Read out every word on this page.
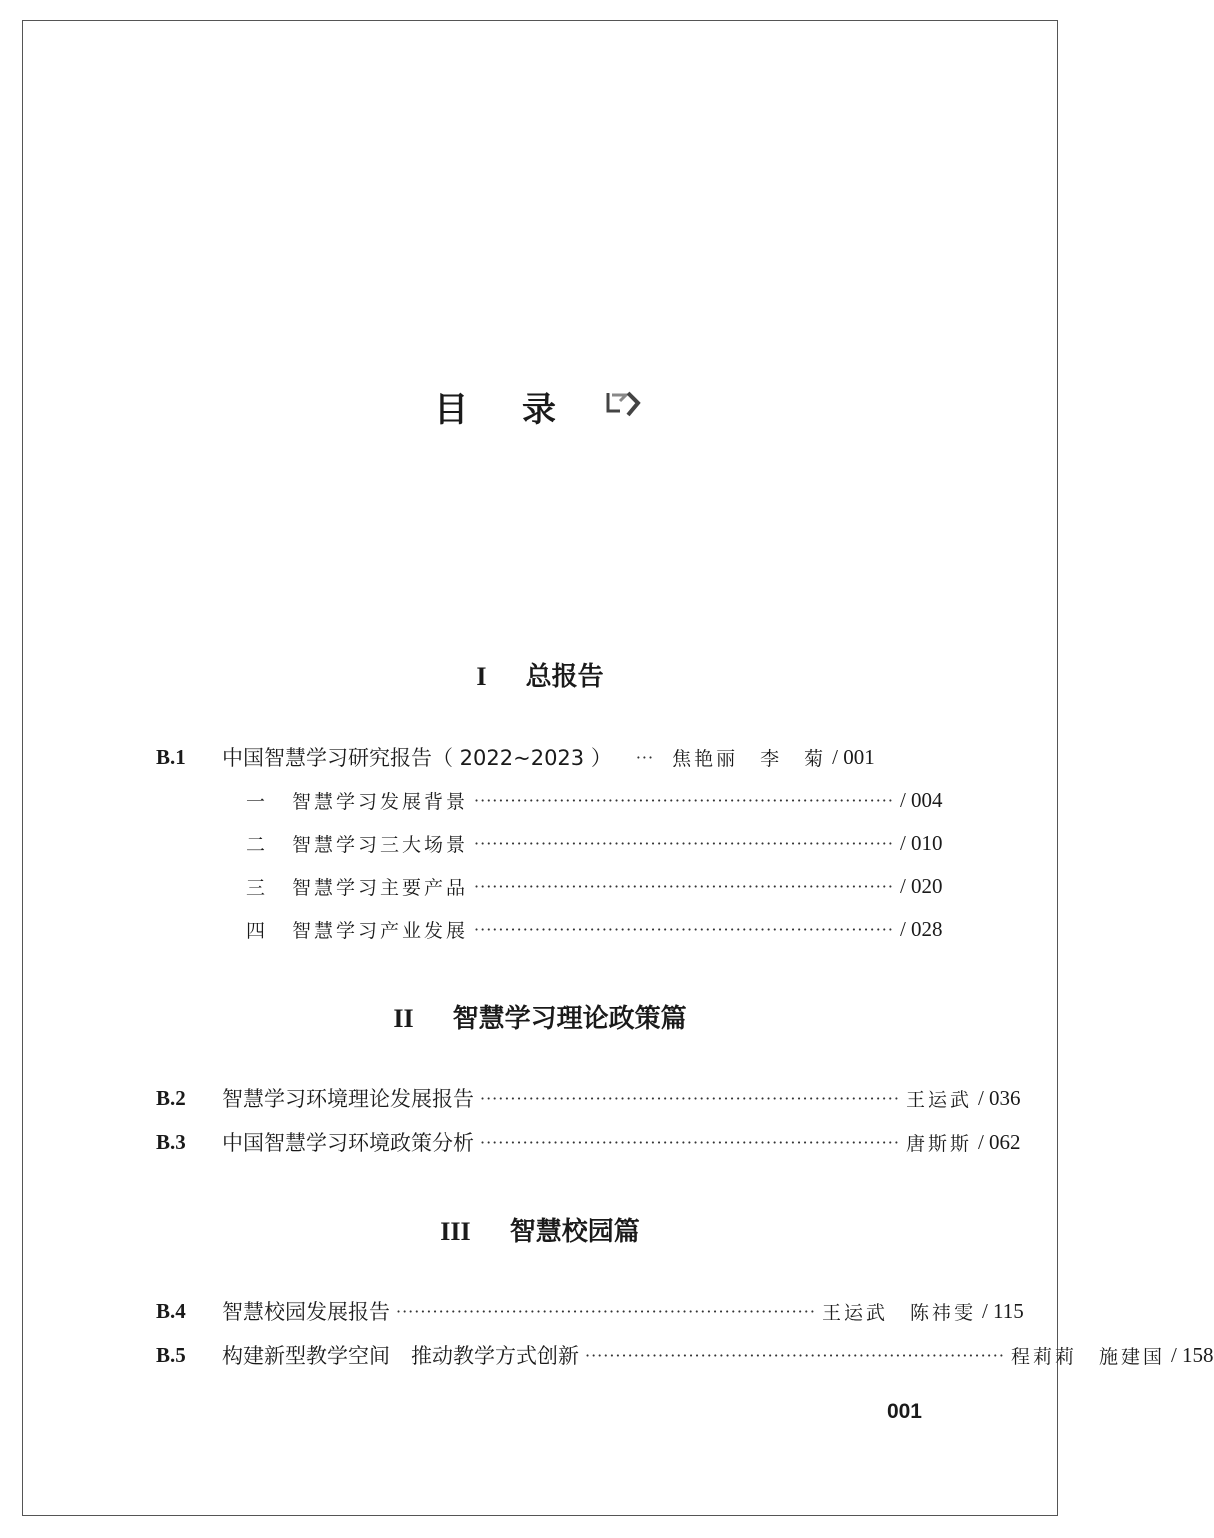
目 录
I 总报告
B.1	中国智慧学习研究报告（ 2022~2023 ） ··· 焦艳丽　李　菊 / 001
一	智慧学习发展背景 ····································································· / 004
二	智慧学习三大场景 ····································································· / 010
三	智慧学习主要产品 ····································································· / 020
四	智慧学习产业发展 ····································································· / 028
II 智慧学习理论政策篇
B.2	智慧学习环境理论发展报告 ····································································· 王运武 / 036
B.3	中国智慧学习环境政策分析 ····································································· 唐斯斯 / 062
III 智慧校园篇
B.4	智慧校园发展报告 ····································································· 王运武　陈祎雯 / 115
B.5	构建新型教学空间　推动教学方式创新 ····································································· 程莉莉　施建国 / 158
001
